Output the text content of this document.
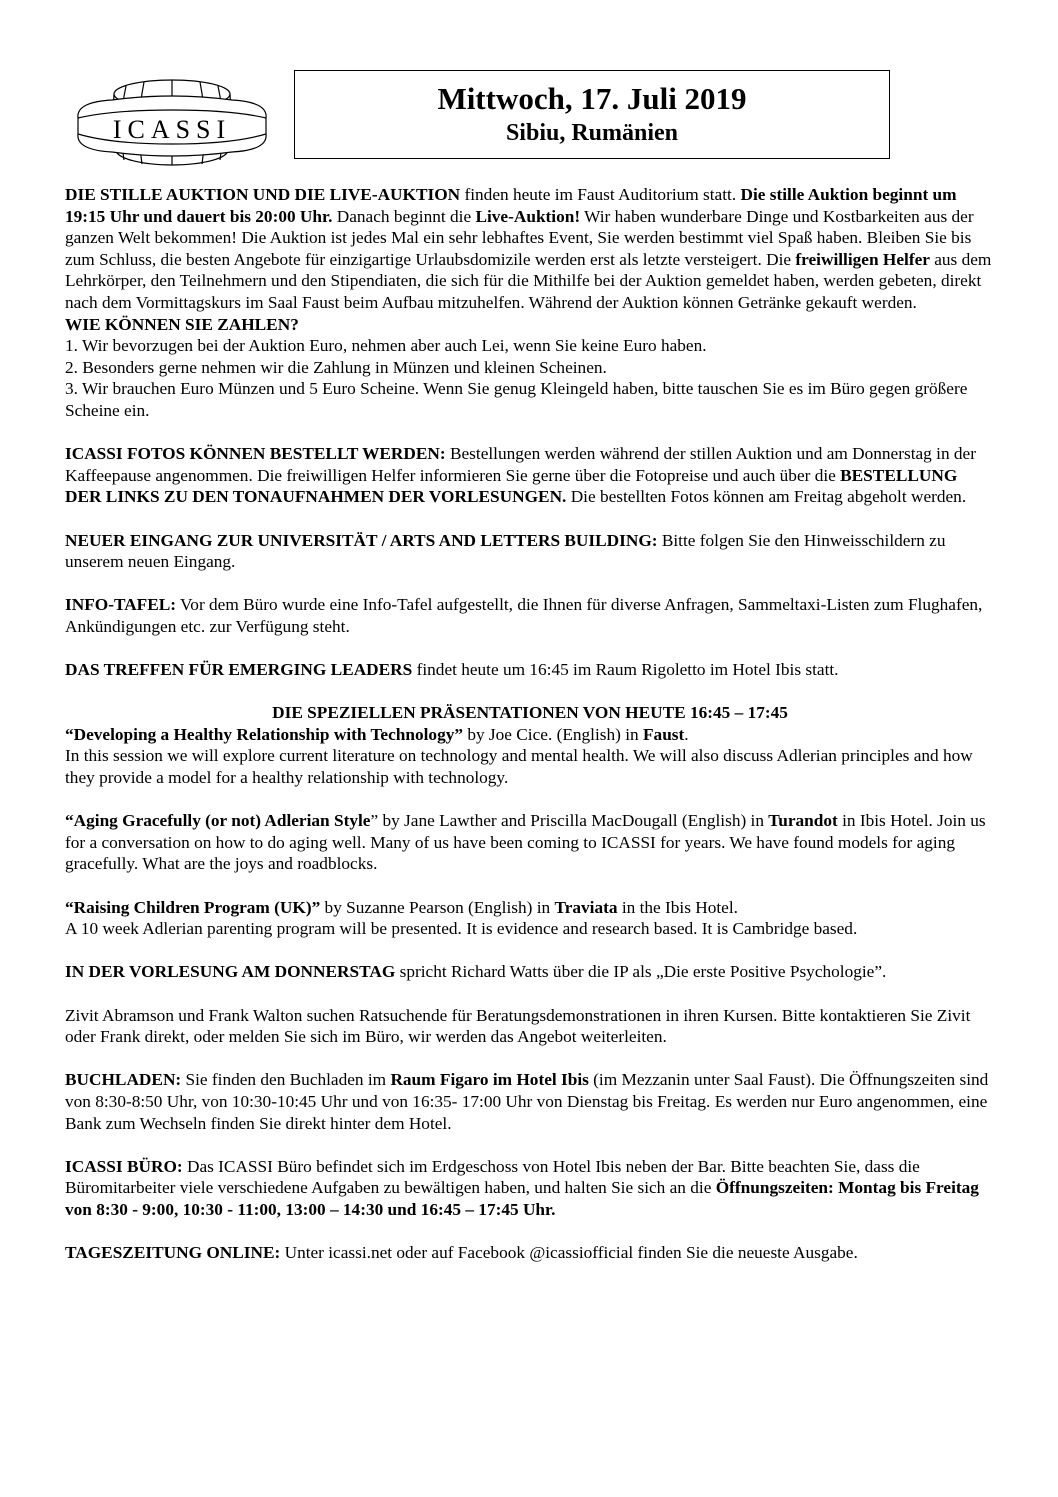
ICASSI
Mittwoch, 17. Juli 2019
Sibiu, Rumänien

DIE STILLE AUKTION UND DIE LIVE-AUKTION finden heute im Faust Auditorium statt. Die stille Auktion beginnt um 19:15 Uhr und dauert bis 20:00 Uhr. Danach beginnt die Live-Auktion! Wir haben wunderbare Dinge und Kostbarkeiten aus der ganzen Welt bekommen! Die Auktion ist jedes Mal ein sehr lebhaftes Event, Sie werden bestimmt viel Spaß haben. Bleiben Sie bis zum Schluss, die besten Angebote für einzigartige Urlaubsdomizile werden erst als letzte versteigert. Die freiwilligen Helfer aus dem Lehrkörper, den Teilnehmern und den Stipendiaten, die sich für die Mithilfe bei der Auktion gemeldet haben, werden gebeten, direkt nach dem Vormittagskurs im Saal Faust beim Aufbau mitzuhelfen. Während der Auktion können Getränke gekauft werden.

WIE KÖNNEN SIE ZAHLEN?

1. Wir bevorzugen bei der Auktion Euro, nehmen aber auch Lei, wenn Sie keine Euro haben.

2. Besonders gerne nehmen wir die Zahlung in Münzen und kleinen Scheinen.

3. Wir brauchen Euro Münzen und 5 Euro Scheine. Wenn Sie genug Kleingeld haben, bitte tauschen Sie es im Büro gegen größere Scheine ein.

ICASSI FOTOS KÖNNEN BESTELLT WERDEN: Bestellungen werden während der stillen Auktion und am Donnerstag in der Kaffeepause angenommen. Die freiwilligen Helfer informieren Sie gerne über die Fotopreise und auch über die BESTELLUNG DER LINKS ZU DEN TONAUFNAHMEN DER VORLESUNGEN. Die bestellten Fotos können am Freitag abgeholt werden.

NEUER EINGANG ZUR UNIVERSITÄT / ARTS AND LETTERS BUILDING: Bitte folgen Sie den Hinweisschildern zu unserem neuen Eingang.

INFO-TAFEL: Vor dem Büro wurde eine Info-Tafel aufgestellt, die Ihnen für diverse Anfragen, Sammeltaxi-Listen zum Flughafen, Ankündigungen etc. zur Verfügung steht.

DAS TREFFEN FÜR EMERGING LEADERS findet heute um 16:45 im Raum Rigoletto im Hotel Ibis statt.

DIE SPEZIELLEN PRÄSENTATIONEN VON HEUTE 16:45 – 17:45

“Developing a Healthy Relationship with Technology” by Joe Cice. (English) in Faust.

In this session we will explore current literature on technology and mental health. We will also discuss Adlerian principles and how they provide a model for a healthy relationship with technology.

“Aging Gracefully (or not) Adlerian Style” by Jane Lawther and Priscilla MacDougall (English) in Turandot in Ibis Hotel. Join us for a conversation on how to do aging well. Many of us have been coming to ICASSI for years. We have found models for aging gracefully. What are the joys and roadblocks.

“Raising Children Program (UK)” by Suzanne Pearson (English) in Traviata in the Ibis Hotel.

A 10 week Adlerian parenting program will be presented. It is evidence and research based. It is Cambridge based.

IN DER VORLESUNG AM DONNERSTAG spricht Richard Watts über die IP als „Die erste Positive Psychologie”.

Zivit Abramson und Frank Walton suchen Ratsuchende für Beratungsdemonstrationen in ihren Kursen. Bitte kontaktieren Sie Zivit oder Frank direkt, oder melden Sie sich im Büro, wir werden das Angebot weiterleiten.

BUCHLADEN: Sie finden den Buchladen im Raum Figaro im Hotel Ibis (im Mezzanin unter Saal Faust). Die Öffnungszeiten sind von 8:30-8:50 Uhr, von 10:30-10:45 Uhr und von 16:35- 17:00 Uhr von Dienstag bis Freitag. Es werden nur Euro angenommen, eine Bank zum Wechseln finden Sie direkt hinter dem Hotel.

ICASSI BÜRO: Das ICASSI Büro befindet sich im Erdgeschoss von Hotel Ibis neben der Bar. Bitte beachten Sie, dass die Büromitarbeiter viele verschiedene Aufgaben zu bewältigen haben, und halten Sie sich an die Öffnungszeiten: Montag bis Freitag von 8:30 - 9:00, 10:30 - 11:00, 13:00 – 14:30 und 16:45 – 17:45 Uhr.

TAGESZEITUNG ONLINE: Unter icassi.net oder auf Facebook @icassiofficial finden Sie die neueste Ausgabe.
